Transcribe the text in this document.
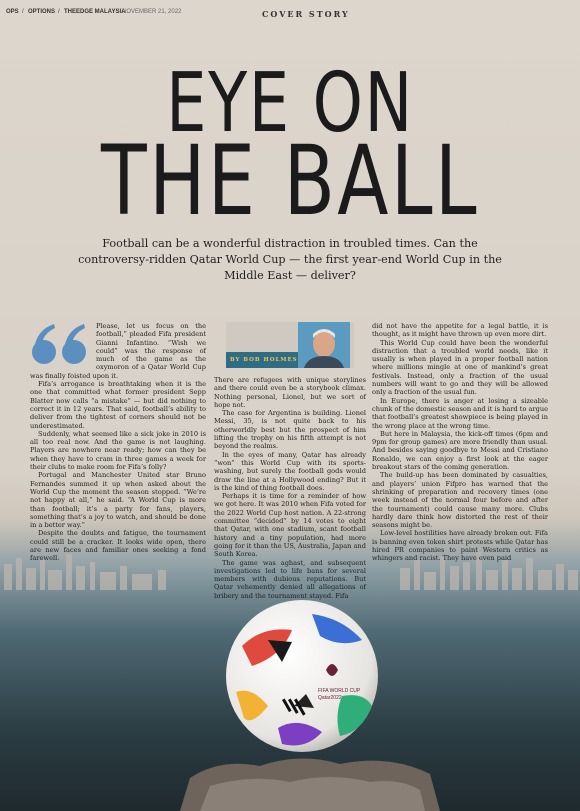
OPS / OPTIONS / THEEDGE MALAYSIA
NOVEMBER 21, 2022	COVER STORY
EYE ON
THE BALL
Football can be a wonderful distraction in troubled times. Can the controversy-ridden Qatar World Cup — the first year-end World Cup in the Middle East — deliver?

Please, let us focus on the football,” pleaded Fifa president Gianni Infantino. “Wish we could” was the response of much of the game as the oxymoron of a Qatar World Cup was finally foisted upon it.

Fifa’s arrogance is breathtaking when it is the one that committed what former president Sepp Blatter now calls “a mistake” — but did nothing to correct it in 12 years. That said, football’s ability to deliver from the tightest of corners should not be underestimated.

Suddenly, what seemed like a sick joke in 2010 is all too real now. And the game is not laughing. Players are nowhere near ready; how can they be when they have to cram in three games a week for their clubs to make room for Fifa’s folly?

Portugal and Manchester United star Bruno Fernandes summed it up when asked about the World Cup the moment the season stopped. “We’re not happy at all,” he said. “A World Cup is more than football; it’s a party for fans, players, something that’s a joy to watch, and should be done in a better way.”

Despite the doubts and fatigue, the tournament could still be a cracker. It looks wide open, there are new faces and familiar ones seeking a fond farewell.

BY BOB HOLMES

There are refugees with unique storylines and there could even be a storybook climax. Nothing personal, Lionel, but we sort of hope not.

The case for Argentina is building. Lionel Messi, 35, is not quite back to his otherworldly best but the prospect of him lifting the trophy on his fifth attempt is not beyond the realms.

In the eyes of many, Qatar has already “won” this World Cup with its sports-washing, but surely the football gods would draw the line at a Hollywood ending? But it is the kind of thing football does.

Perhaps it is time for a reminder of how we got here. It was 2010 when Fifa voted for the 2022 World Cup host nation. A 22-strong committee “decided” by 14 votes to eight that Qatar, with one stadium, scant football history and a tiny population, had more going for it than the US, Australia, Japan and South Korea.

The game was aghast, and subsequent investigations led to life bans for several members with dubious reputations. But Qatar vehemently denied all allegations of bribery and the tournament stayed. Fifa

did not have the appetite for a legal battle, it is thought, as it might have thrown up even more dirt.

This World Cup could have been the wonderful distraction that a troubled world needs, like it usually is when played in a proper football nation where millions mingle at one of mankind’s great festivals. Instead, only a fraction of the usual numbers will want to go and they will be allowed only a fraction of the usual fun.

In Europe, there is anger at losing a sizeable chunk of the domestic season and it is hard to argue that football’s greatest showpiece is being played in the wrong place at the wrong time.

But here in Malaysia, the kick-off times (6pm and 9pm for group games) are more friendly than usual. And besides saying goodbye to Messi and Cristiano Ronaldo, we can enjoy a first look at the eager breakout stars of the coming generation.

The build-up has been dominated by casualties, and players’ union Fifpro has warned that the shrinking of preparation and recovery times (one week instead of the normal four before and after the tournament) could cause many more. Clubs hardly dare think how distorted the rest of their seasons might be.

Low-level hostilities have already broken out. Fifa is banning even token shirt protests while Qatar has hired PR companies to paint Western critics as whingers and racist. They have even paid

FIFA WORLD CUP
Qatar2022
